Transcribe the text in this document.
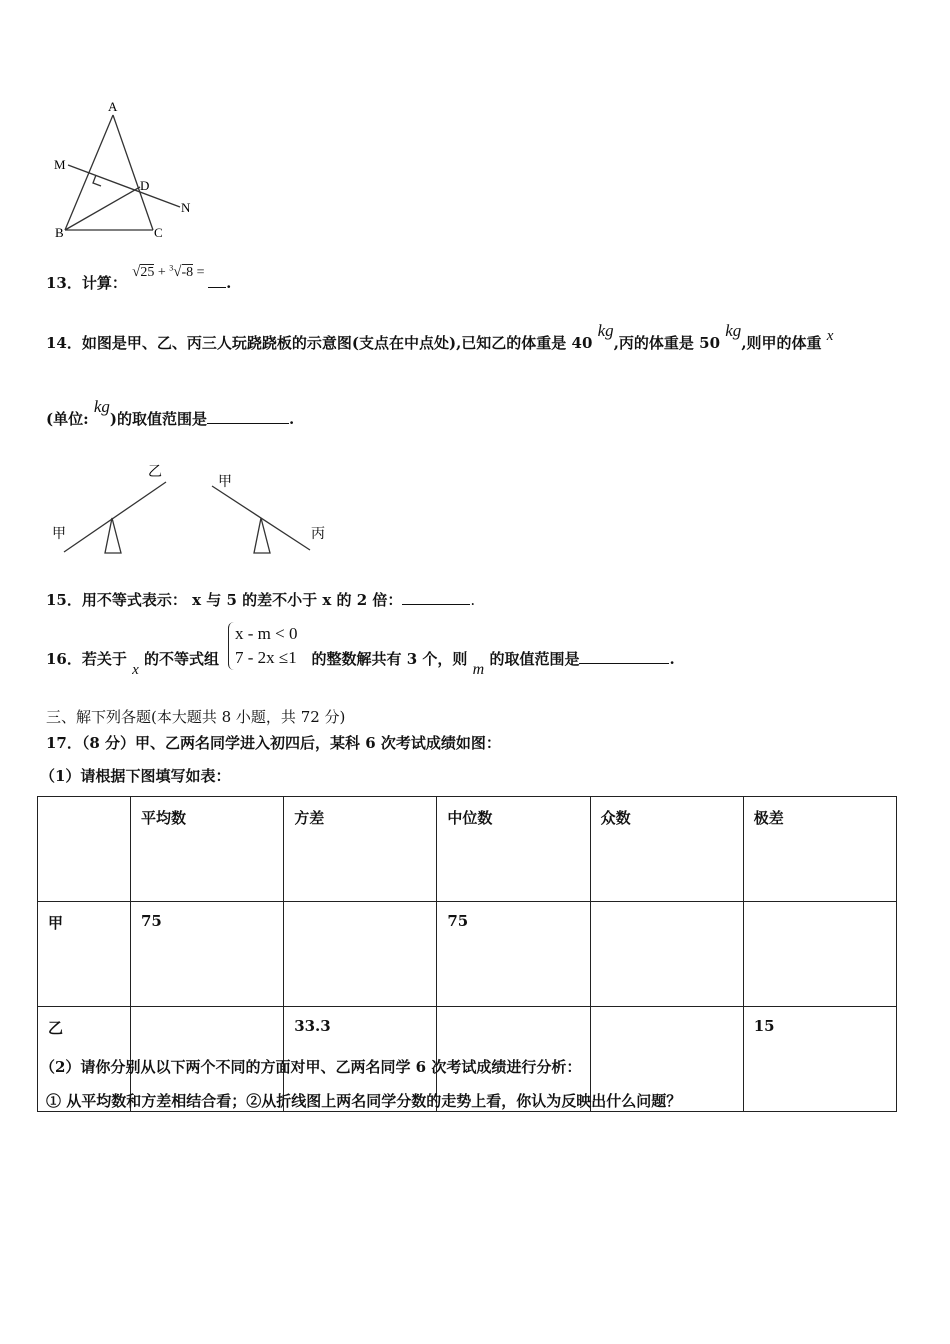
A
M
D
N
B	C
13．计算： √25 + $^3$√-8 = .
14．如图是甲、乙、丙三人玩跷跷板的示意图(支点在中点处),已知乙的体重是 40 kg,丙的体重是 50 kg,则甲的体重 x
(单位: kg)的取值范围是	.
甲
乙
甲
丙
15．用不等式表示： x 与 5 的差不小于 x 的 2 倍：	.
16．若关于 x 的不等式组	的整数解共有 3 个，则 m 的取值范围是	.
x - m < 0
7 - 2x ≤1
三、解下列各题(本大题共 8 小题，共 72 分)
17．（8 分）甲、乙两名同学进入初四后，某科 6 次考试成绩如图：
（1）请根据下图填写如表：
	平均数	方差	中位数	众数	极差
甲	75		75		
乙		33.3			15
（2）请你分别从以下两个不同的方面对甲、乙两名同学 6 次考试成绩进行分析：
① 从平均数和方差相结合看；②从折线图上两名同学分数的走势上看，你认为反映出什么问题？
